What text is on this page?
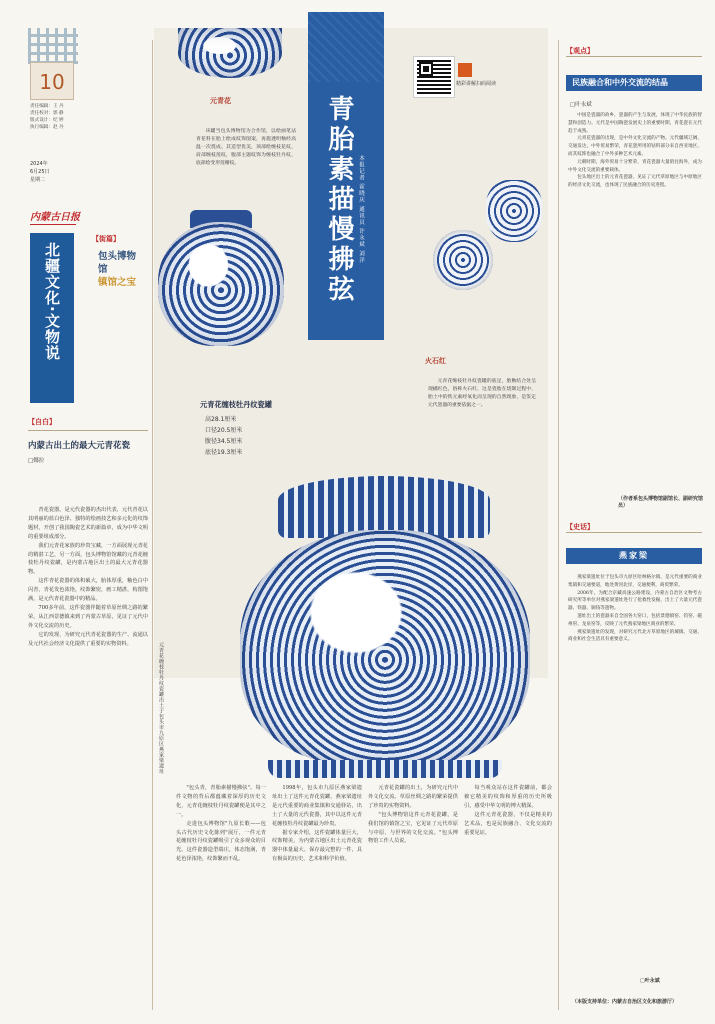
10
责任编辑：王 丹
责任校对：郭 静
版式设计：纪 婷
执行编辑：赵 丹
2024年
6月25日
星期二
内蒙古日报
北疆文化·文物说
【街篇】
包头博物馆
镇馆之宝
【自白】
内蒙古出土的最大元青花瓷
□娜拉

青花瓷器，是元代瓷器的杰出代表，元代青花以其明丽的蓝白色泽、独特的绘画技艺和多元化的纹饰题材，开创了我国陶瓷艺术的新篇章，成为中华文明的重要组成部分。

我们元青花家族的珍贵宝藏，一方面展现元青花的精湛工艺，另一方面，包头博物馆馆藏的元青花缠枝牡丹纹瓷罐，是内蒙古地区出土的最大元青花器物。

这件青花瓷器的体积硕大，胎体厚重，釉色白中闪青，青花发色浓艳，纹饰繁密，画工精湛，构图饱满，是元代青花瓷器中的精品。

700多年前，这件瓷器伴随着草原丝绸之路的繁荣，从江西景德镇来到了内蒙古草原，见证了元代中外文化交流的历史。

它的发现，为研究元代青花瓷器的生产、流通以及元代社会经济文化提供了重要的实物资料。

青胎素描慢拂弦 本报记者 霍晓庆 通讯员 许永斌 刘洋
精彩讲解扫码阅读
元青花
该罐当包头博物馆为合作馆，以绘画笔法青花料在胎上绘成纹饰图案，再施透明釉经高温一次烧成。其造型优美，颈部绘缠枝花纹，肩部缠枝莲纹，腹部主题纹饰为缠枝牡丹纹，底部绘变形莲瓣纹。
火石红
元青花缠枝牡丹纹瓷罐的底足，胎釉结合处呈现橘红色，俗称火石红，这是瓷胎在烧制过程中，胎土中的铁元素经氧化而呈现的自然现象，是鉴定元代瓷器的重要依据之一。
元青花缠枝牡丹纹瓷罐
高28.1厘米
口径20.5厘米
腹径34.5厘米
底径19.3厘米
元青花缠枝牡丹纹瓷罐出土于包头市九原区燕家梁遗址

"包头青，青胎素描慢拂弦"。每一件文物的背后都蕴藏着深厚的历史文化，元青花缠枝牡丹纹瓷罐便是其中之一。

走进包头博物馆"九原长歌——包头古代历史文化陈列"展厅，一件元青花缠枝牡丹纹瓷罐吸引了众多观众的目光。这件瓷器造型端庄，体态饱满，青花色泽浓艳，纹饰繁而不乱。

1998年，包头市九原区燕家梁遗址出土了这件元青花瓷罐。燕家梁遗址是元代重要的商业集镇和交通驿站，出土了大量的元代瓷器，其中以这件元青花缠枝牡丹纹瓷罐最为珍贵。

据专家介绍，这件瓷罐体量巨大，纹饰精美，为内蒙古地区出土元青花瓷器中体量最大、保存最完整的一件，具有极高的历史、艺术和科学价值。

元青花瓷罐的出土，为研究元代中外文化交流、草原丝绸之路的繁荣提供了珍贵的实物资料。

"包头博物馆这件元青花瓷罐，是我们馆的镇馆之宝，它见证了元代草原与中原、与世界的文化交流。"包头博物馆工作人员说。

每当观众站在这件瓷罐前，都会被它精美的纹饰和厚重的历史所吸引，感受中华文明的博大精深。

这件元青花瓷器，不仅是精美的艺术品，也是民族融合、文化交流的重要见证。

【观点】
民族融合和中外交流的结晶
□叶永斌

中国是瓷器的故乡，瓷器的产生与发展，体现了中华民族的智慧和创造力。元代是中国陶瓷发展史上的重要时期，青花瓷在元代趋于成熟。

元青花瓷器的出现，是中外文化交流的产物。元代疆域辽阔，交通发达，中外贸易繁荣，青花瓷所用的钴料部分来自西亚地区，而其纹饰也融合了中外多种艺术元素。

元朝时期，海外贸易十分繁荣，青花瓷器大量销往海外，成为中外文化交流的重要载体。

包头地区出土的元青花瓷器，见证了元代草原地区与中原地区的经济文化交流，也体现了民族融合的历史进程。

（作者系包头博物馆副馆长、副研究馆员）
【史话】
燕家梁

燕家梁遗址位于包头市九原区哈林格尔镇，是元代重要的商业集镇和交通要道，地处黄河北岸，交通便利，商贸繁荣。

2006年，为配合京藏高速公路建设，内蒙古自治区文物考古研究所等单位对燕家梁遗址进行了抢救性发掘，出土了大量元代瓷器、铁器、铜钱等遗物。

遗址出土的瓷器来自全国各大窑口，包括景德镇窑、钧窑、磁州窑、龙泉窑等，反映了元代燕家梁地区商业的繁荣。

燕家梁遗址的发现，对研究元代北方草原地区的城镇、交通、商业和社会生活具有重要意义。

□叶永斌
（本版支持单位：内蒙古自治区文化和旅游厅）
